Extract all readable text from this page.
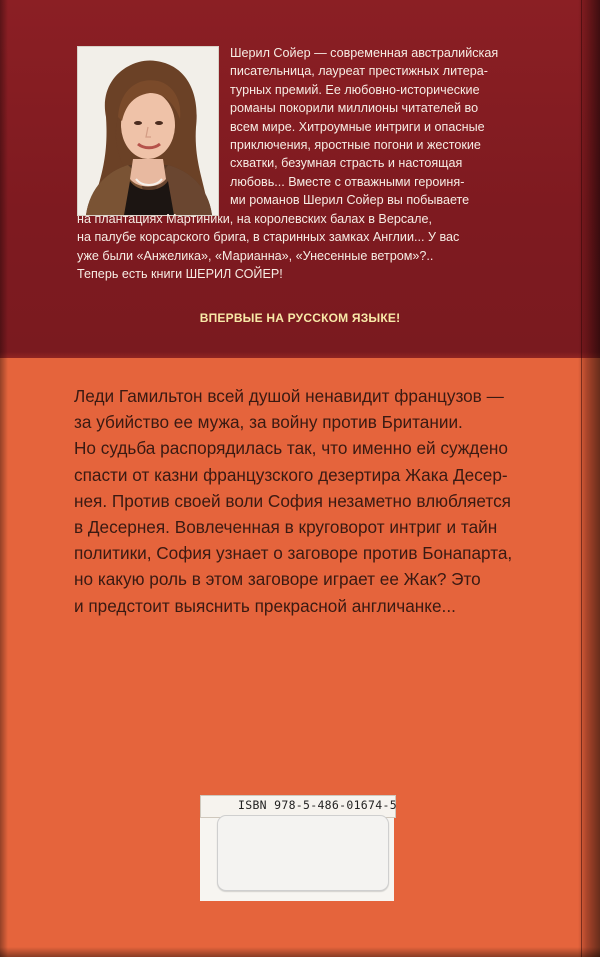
Шерил Сойер — современная австралийская
писательница, лауреат престижных литера-
турных премий. Ее любовно-исторические
романы покорили миллионы читателей во
всем мире. Хитроумные интриги и опасные
приключения, яростные погони и жестокие
схватки, безумная страсть и настоящая
любовь... Вместе с отважными героиня-
ми романов Шерил Сойер вы побываете
на плантациях Мартиники, на королевских балах в Версале,
на палубе корсарского брига, в старинных замках Англии... У вас
уже были «Анжелика», «Марианна», «Унесенные ветром»?..
Теперь есть книги ШЕРИЛ СОЙЕР!
ВПЕРВЫЕ НА РУССКОМ ЯЗЫКЕ!
Леди Гамильтон всей душой ненавидит французов —
за убийство ее мужа, за войну против Британии.
Но судьба распорядилась так, что именно ей суждено
спасти от казни французского дезертира Жака Десер-
нея. Против своей воли София незаметно влюбляется
в Десернея. Вовлеченная в круговорот интриг и тайн
политики, София узнает о заговоре против Бонапарта,
но какую роль в этом заговоре играет ее Жак? Это
и предстоит выяснить прекрасной англичанке...
ISBN 978-5-486-01674-5
